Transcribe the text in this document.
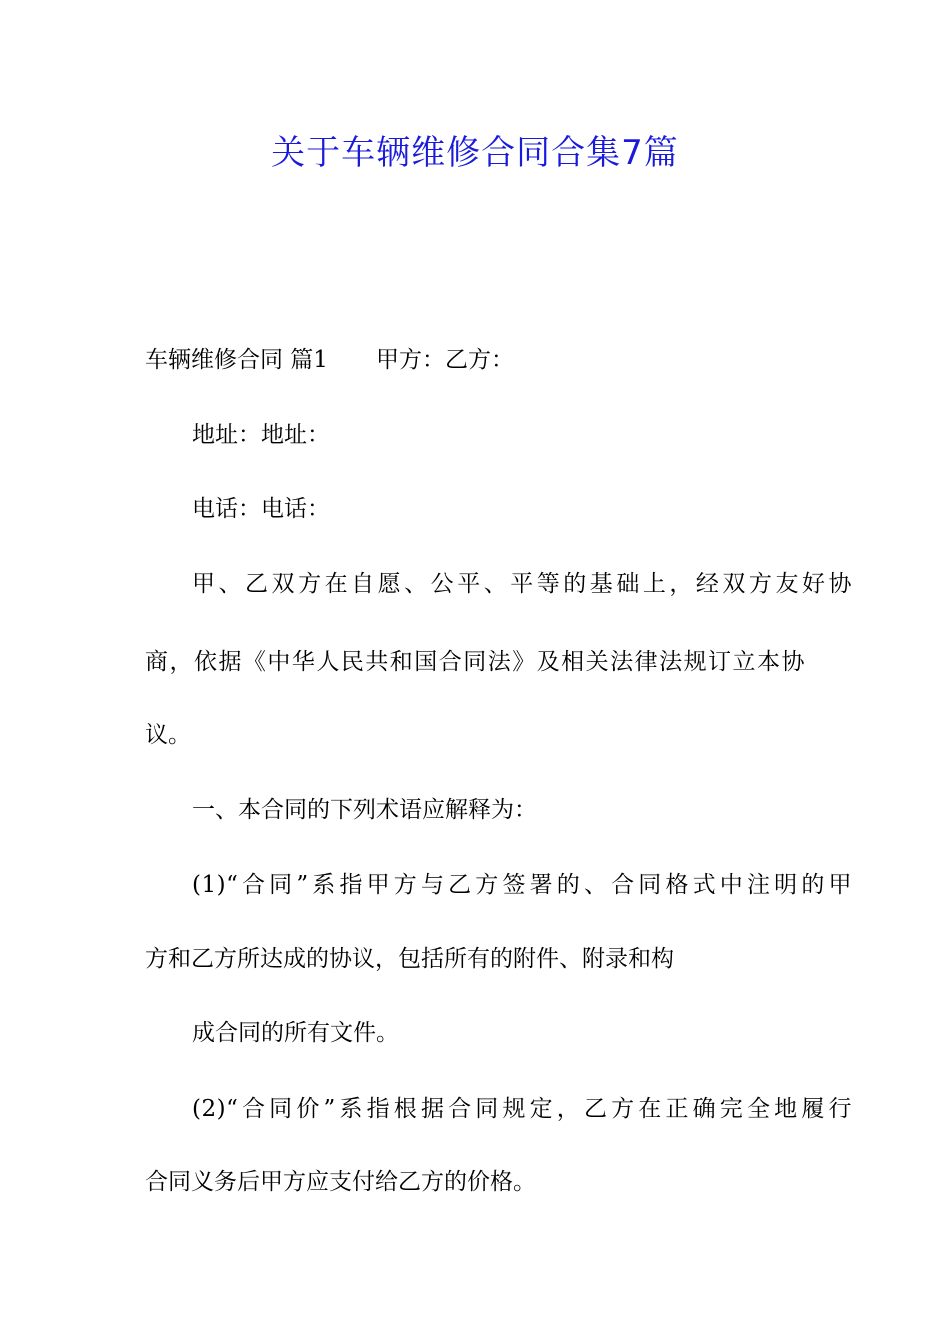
关于车辆维修合同合集7篇
车辆维修合同 篇1 甲方：乙方：
地址：地址：
电话：电话：
甲、乙双方在自愿、公平、平等的基础上，经双方友好协
商，依据《中华人民共和国合同法》及相关法律法规订立本协
议。
一、本合同的下列术语应解释为：
(1)“合同”系指甲方与乙方签署的、合同格式中注明的甲
方和乙方所达成的协议，包括所有的附件、附录和构
成合同的所有文件。
(2)“合同价”系指根据合同规定，乙方在正确完全地履行
合同义务后甲方应支付给乙方的价格。
